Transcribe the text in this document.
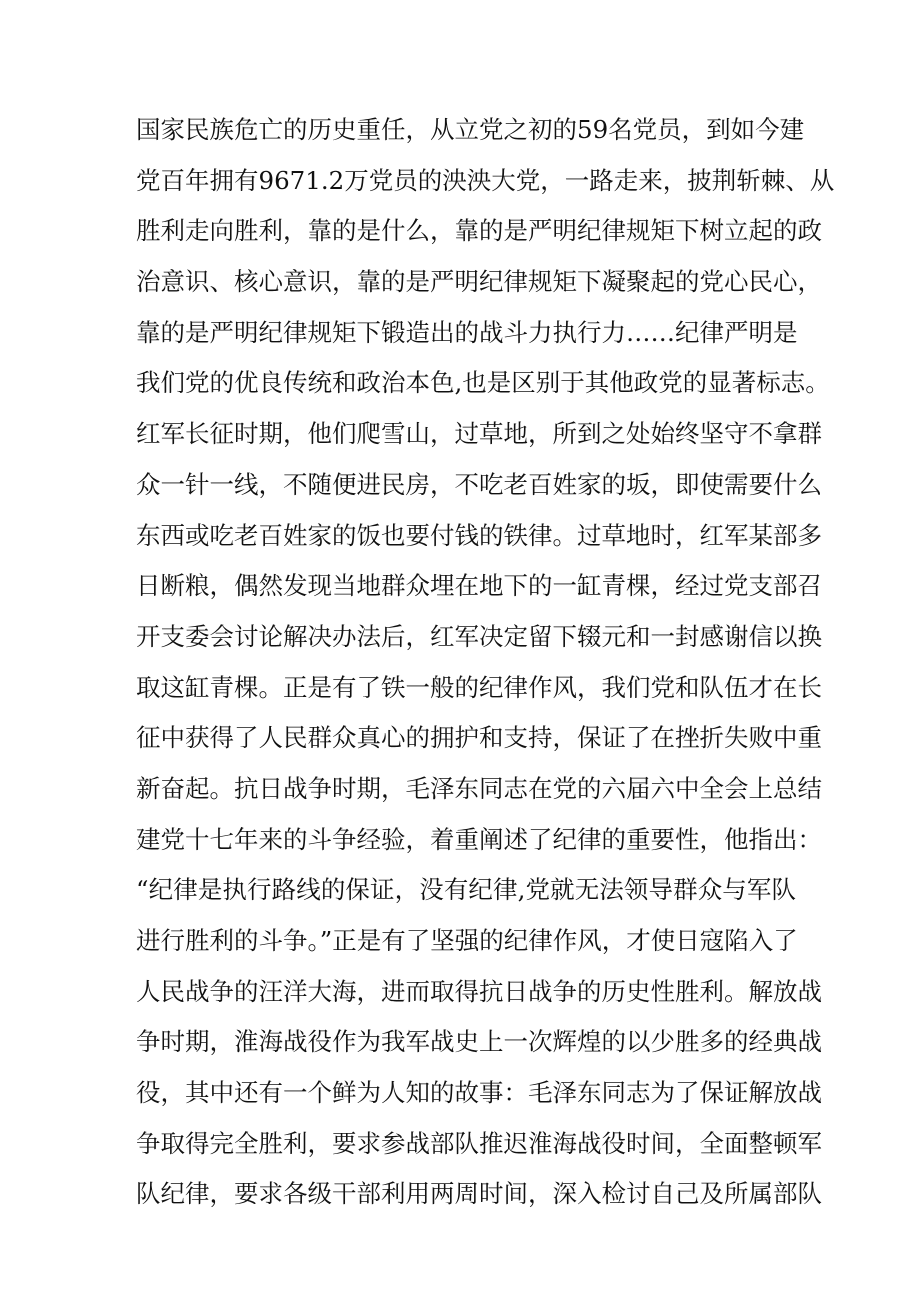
国家民族危亡的历史重任，从立党之初的59名党员，到如今建
党百年拥有9671.2万党员的泱泱大党，一路走来，披荆斩棘、从
胜利走向胜利，靠的是什么，靠的是严明纪律规矩下树立起的政
治意识、核心意识，靠的是严明纪律规矩下凝聚起的党心民心，
靠的是严明纪律规矩下锻造出的战斗力执行力……纪律严明是
我们党的优良传统和政治本色,也是区别于其他政党的显著标志。
红军长征时期，他们爬雪山，过草地，所到之处始终坚守不拿群
众一针一线，不随便进民房，不吃老百姓家的坂，即使需要什么
东西或吃老百姓家的饭也要付钱的铁律。过草地时，红军某部多
日断粮，偶然发现当地群众埋在地下的一缸青棵，经过党支部召
开支委会讨论解决办法后，红军决定留下辍元和一封感谢信以换
取这缸青棵。正是有了铁一般的纪律作风，我们党和队伍才在长
征中获得了人民群众真心的拥护和支持，保证了在挫折失败中重
新奋起。抗日战争时期，毛泽东同志在党的六届六中全会上总结
建党十七年来的斗争经验，着重阐述了纪律的重要性，他指出：
“纪律是执行路线的保证，没有纪律,党就无法领导群众与军队
进行胜利的斗争。”正是有了坚强的纪律作风，才使日寇陷入了
人民战争的汪洋大海，进而取得抗日战争的历史性胜利。解放战
争时期，淮海战役作为我军战史上一次辉煌的以少胜多的经典战
役，其中还有一个鲜为人知的故事：毛泽东同志为了保证解放战
争取得完全胜利，要求参战部队推迟淮海战役时间，全面整顿军
队纪律，要求各级干部利用两周时间，深入检讨自己及所属部队
